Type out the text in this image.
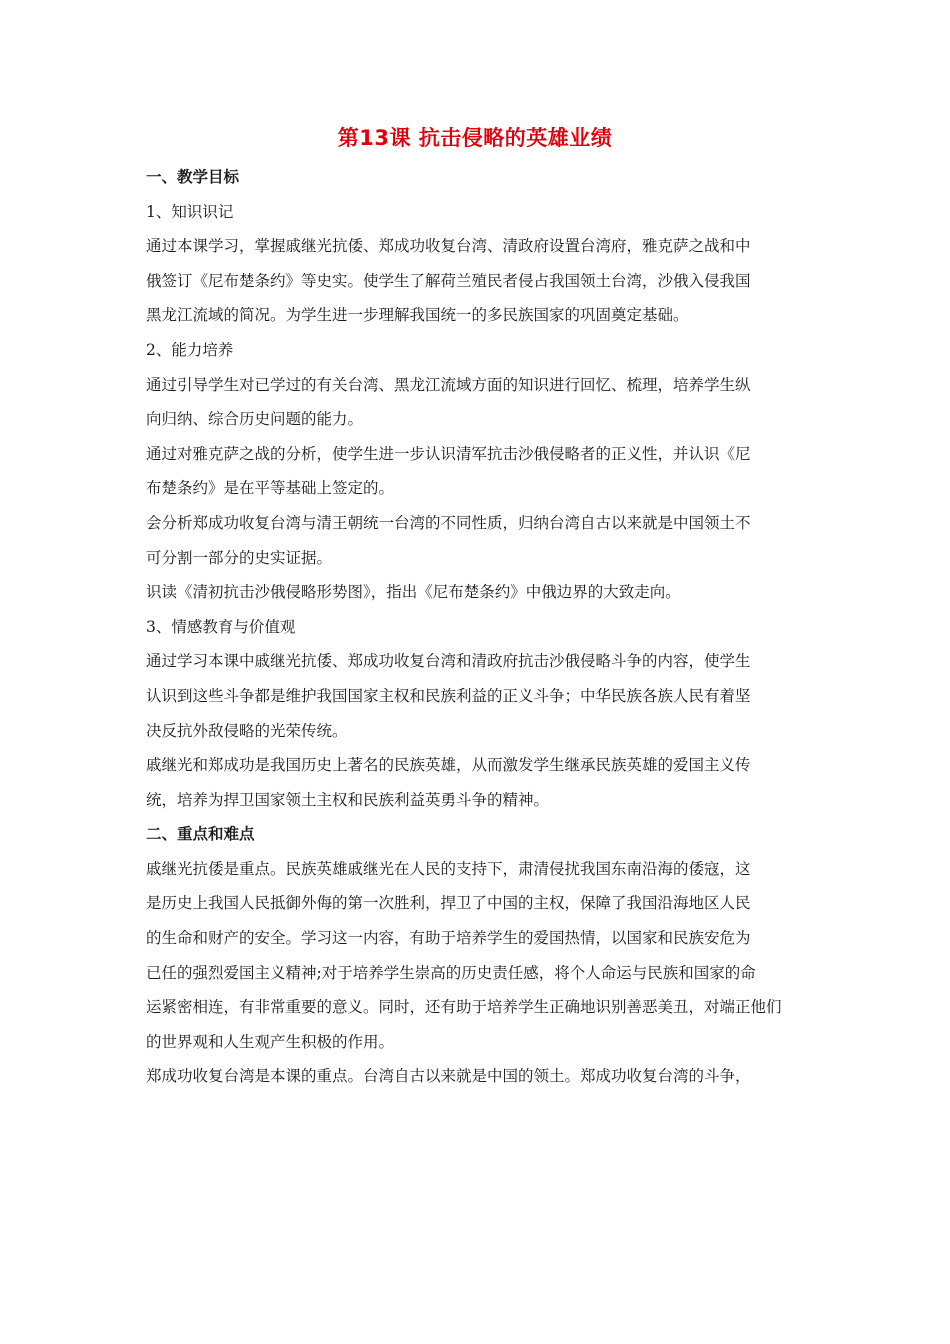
第13课 抗击侵略的英雄业绩
一、教学目标
1、知识识记
通过本课学习，掌握戚继光抗倭、郑成功收复台湾、清政府设置台湾府，雅克萨之战和中
俄签订《尼布楚条约》等史实。使学生了解荷兰殖民者侵占我国领土台湾，沙俄入侵我国
黑龙江流域的简况。为学生进一步理解我国统一的多民族国家的巩固奠定基础。
2、能力培养
通过引导学生对已学过的有关台湾、黑龙江流域方面的知识进行回忆、梳理，培养学生纵
向归纳、综合历史问题的能力。
通过对雅克萨之战的分析，使学生进一步认识清军抗击沙俄侵略者的正义性，并认识《尼
布楚条约》是在平等基础上签定的。
会分析郑成功收复台湾与清王朝统一台湾的不同性质，归纳台湾自古以来就是中国领土不
可分割一部分的史实证据。
识读《清初抗击沙俄侵略形势图》，指出《尼布楚条约》中俄边界的大致走向。
3、情感教育与价值观
通过学习本课中戚继光抗倭、郑成功收复台湾和清政府抗击沙俄侵略斗争的内容，使学生
认识到这些斗争都是维护我国国家主权和民族利益的正义斗争；中华民族各族人民有着坚
决反抗外敌侵略的光荣传统。
戚继光和郑成功是我国历史上著名的民族英雄，从而激发学生继承民族英雄的爱国主义传
统，培养为捍卫国家领土主权和民族利益英勇斗争的精神。
二、重点和难点
戚继光抗倭是重点。民族英雄戚继光在人民的支持下，肃清侵扰我国东南沿海的倭寇，这
是历史上我国人民抵御外侮的第一次胜利，捍卫了中国的主权，保障了我国沿海地区人民
的生命和财产的安全。学习这一内容，有助于培养学生的爱国热情，以国家和民族安危为
已任的强烈爱国主义精神;对于培养学生崇高的历史责任感，将个人命运与民族和国家的命
运紧密相连，有非常重要的意义。同时，还有助于培养学生正确地识别善恶美丑，对端正他们
的世界观和人生观产生积极的作用。
郑成功收复台湾是本课的重点。台湾自古以来就是中国的领土。郑成功收复台湾的斗争，
